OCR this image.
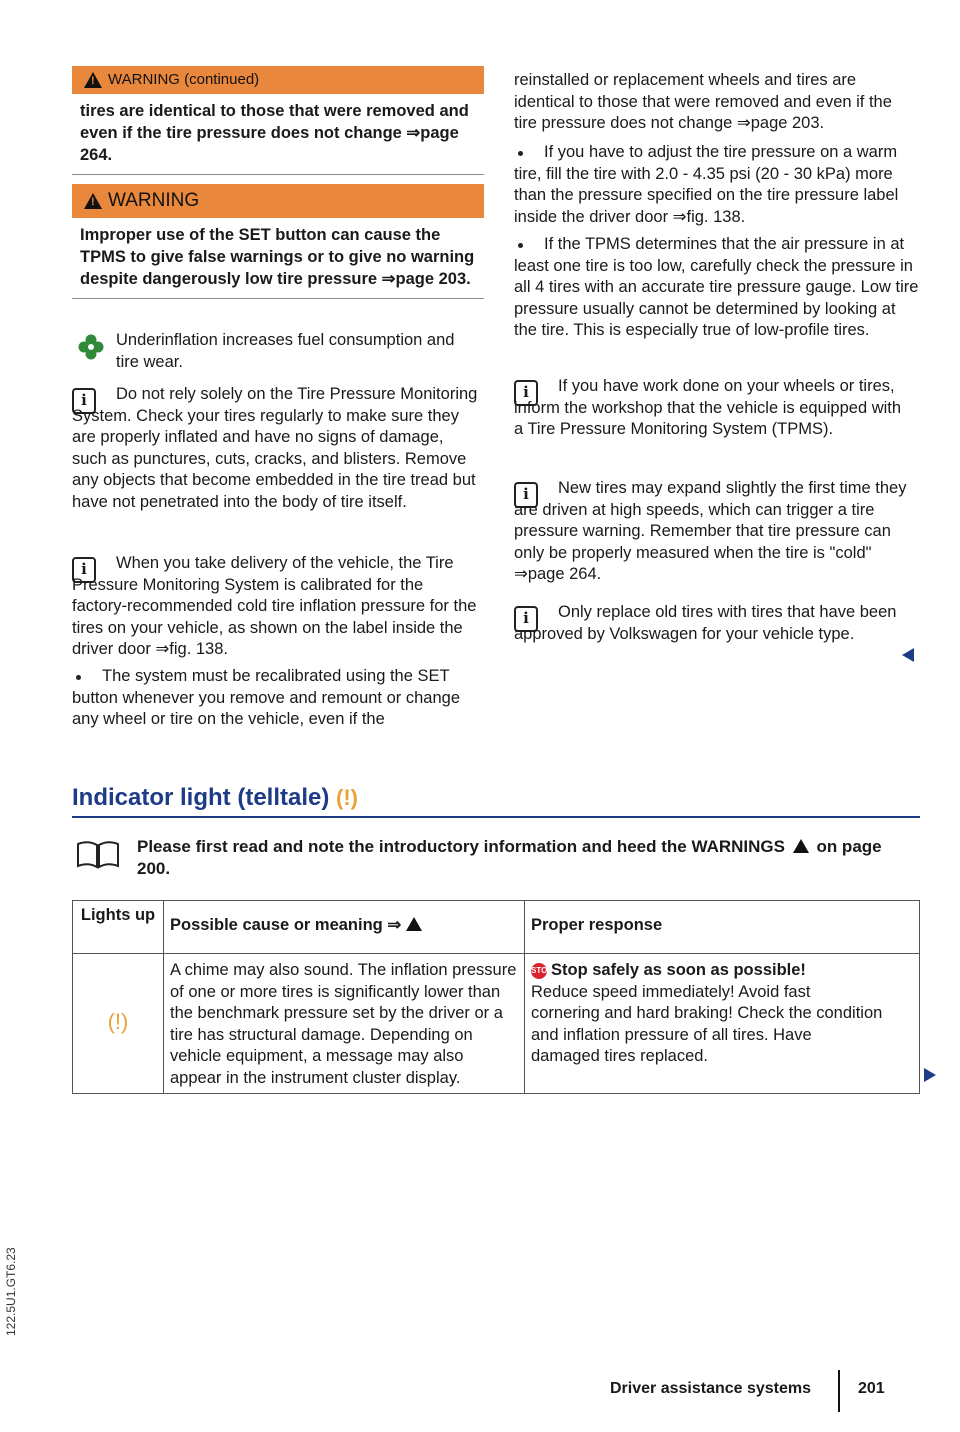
!
WARNING (continued)
tires are identical to those that were removed and even if the tire pressure does not change ⇒page 264.
!
WARNING
Improper use of the SET button can cause the TPMS to give false warnings or to give no warning despite dangerously low tire pressure ⇒page 203.
Underinflation increases fuel consumption and tire wear.
i	Do not rely solely on the Tire Pressure Monitoring System. Check your tires regularly to make sure they are properly inflated and have no signs of damage, such as punctures, cuts, cracks, and blisters. Remove any objects that become embedded in the tire tread but have not penetrated into the body of tire itself.
i	When you take delivery of the vehicle, the Tire Pressure Monitoring System is calibrated for the factory-recommended cold tire inflation pressure for the tires on your vehicle, as shown on the label inside the driver door ⇒fig. 138.
The system must be recalibrated using the SET button whenever you remove and remount or change any wheel or tire on the vehicle, even if the
reinstalled or replacement wheels and tires are identical to those that were removed and even if the tire pressure does not change ⇒page 203.
If you have to adjust the tire pressure on a warm tire, fill the tire with 2.0 - 4.35 psi (20 - 30 kPa) more than the pressure specified on the tire pressure label inside the driver door ⇒fig. 138.
If the TPMS determines that the air pressure in at least one tire is too low, carefully check the pressure in all 4 tires with an accurate tire pressure gauge. Low tire pressure usually cannot be determined by looking at the tire. This is especially true of low-profile tires.
i	If you have work done on your wheels or tires, inform the workshop that the vehicle is equipped with a Tire Pressure Monitoring System (TPMS).
i	New tires may expand slightly the first time they are driven at high speeds, which can trigger a tire pressure warning. Remember that tire pressure can only be properly measured when the tire is "cold" ⇒page 264.
i	Only replace old tires with tires that have been approved by Volkswagen for your vehicle type.
Indicator light (telltale) (!)
Please first read and note the introductory information and heed the WARNINGS on page 200.
Lights up	Possible cause or meaning ⇒	Proper response
(!)	A chime may also sound. The inflation pressure of one or more tires is significantly lower than the benchmark pressure set by the driver or a tire has structural damage. Depending on vehicle equipment, a message may also appear in the instrument cluster display.	STOPStop safely as soon as possible!
Reduce speed immediately! Avoid fast cornering and hard braking! Check the condition and inflation pressure of all tires. Have damaged tires replaced.
Driver assistance systems	201
122.5U1.GT6.23
